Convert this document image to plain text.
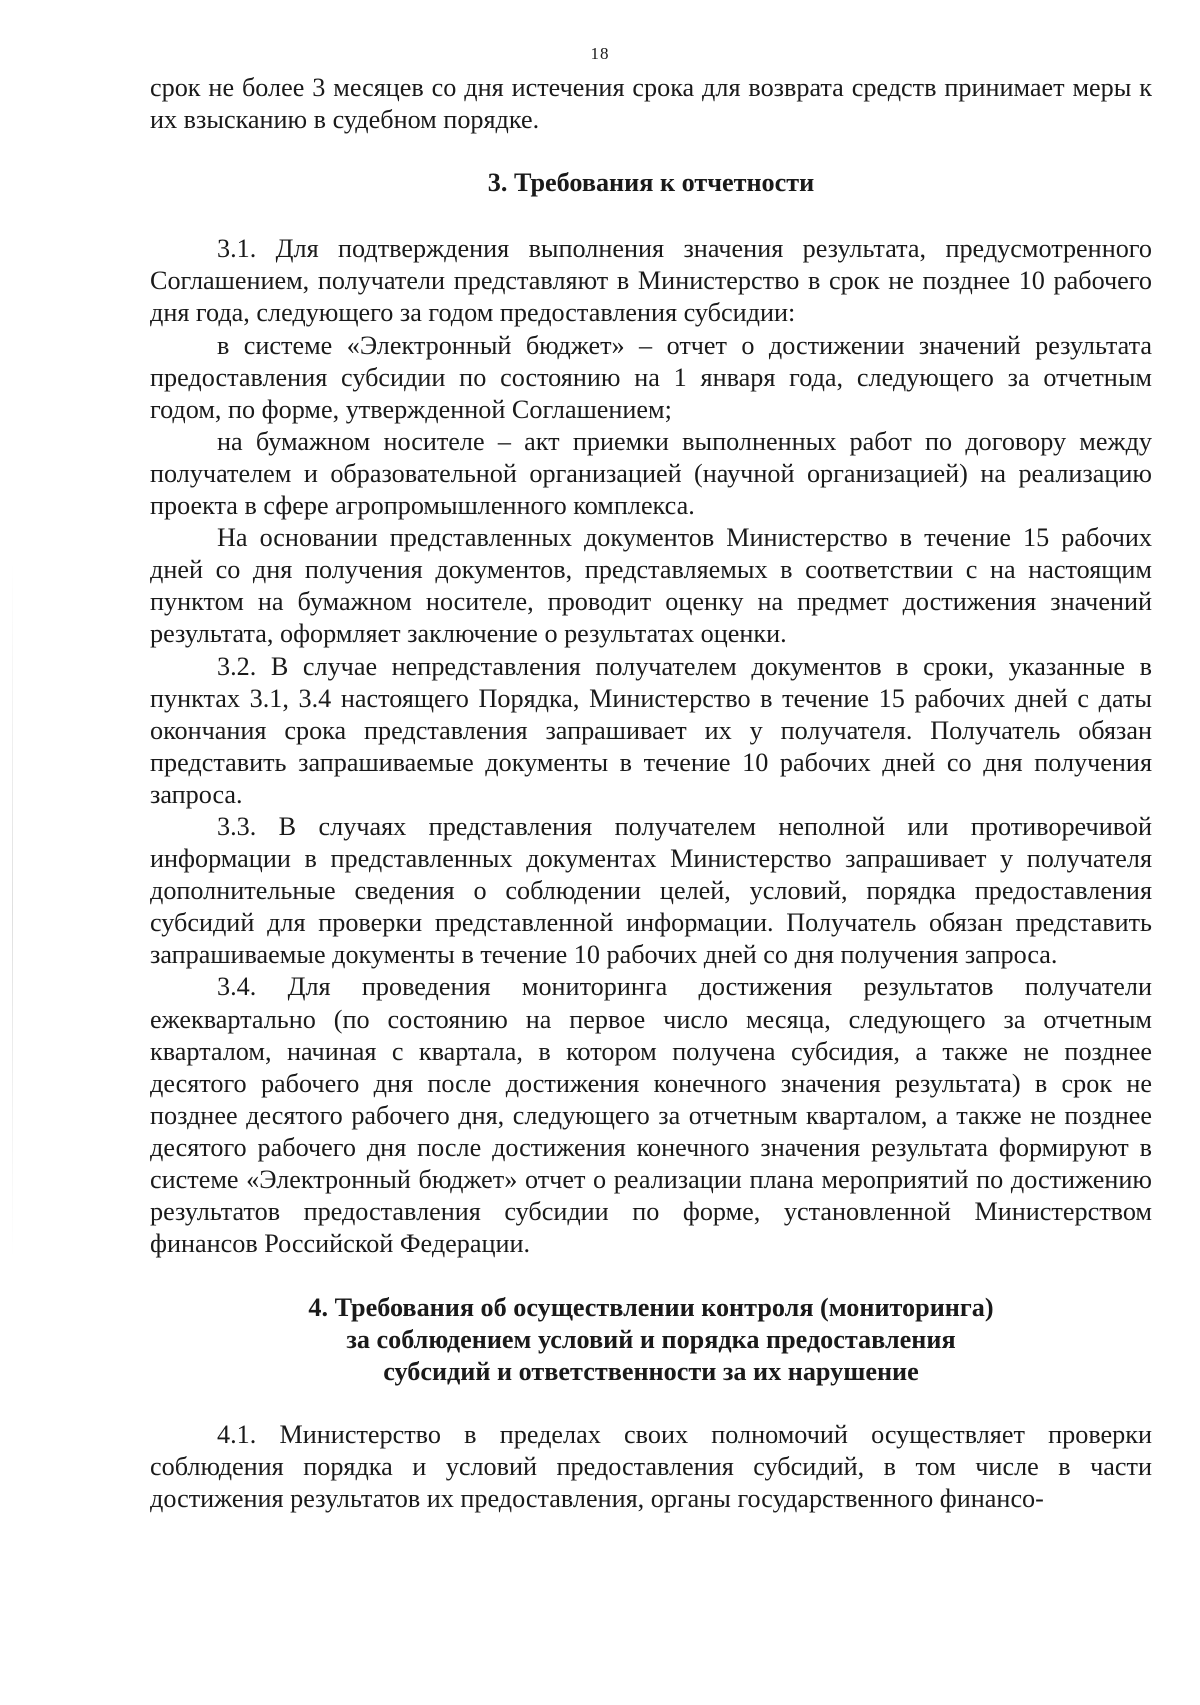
18

срок не более 3 месяцев со дня истечения срока для возврата средств принимает меры к их взысканию в судебном порядке.

3. Требования к отчетности

3.1. Для подтверждения выполнения значения результата, предусмотренного Соглашением, получатели представляют в Министерство в срок не позднее 10 рабочего дня года, следующего за годом предоставления субсидии:

в системе «Электронный бюджет» – отчет о достижении значений результата предоставления субсидии по состоянию на 1 января года, следующего за отчетным годом, по форме, утвержденной Соглашением;

на бумажном носителе – акт приемки выполненных работ по договору между получателем и образовательной организацией (научной организацией) на реализацию проекта в сфере агропромышленного комплекса.

На основании представленных документов Министерство в течение 15 рабочих дней со дня получения документов, представляемых в соответствии с на настоящим пунктом на бумажном носителе, проводит оценку на предмет достижения значений результата, оформляет заключение о результатах оценки.

3.2. В случае непредставления получателем документов в сроки, указанные в пунктах 3.1, 3.4 настоящего Порядка, Министерство в течение 15 рабочих дней с даты окончания срока представления запрашивает их у получателя. Получатель обязан представить запрашиваемые документы в течение 10 рабочих дней со дня получения запроса.

3.3. В случаях представления получателем неполной или противоречивой информации в представленных документах Министерство запрашивает у получателя дополнительные сведения о соблюдении целей, условий, порядка предоставления субсидий для проверки представленной информации. Получатель обязан представить запрашиваемые документы в течение 10 рабочих дней со дня получения запроса.

3.4. Для проведения мониторинга достижения результатов получатели ежеквартально (по состоянию на первое число месяца, следующего за отчетным кварталом, начиная с квартала, в котором получена субсидия, а также не позднее десятого рабочего дня после достижения конечного значения результата) в срок не позднее десятого рабочего дня, следующего за отчетным кварталом, а также не позднее десятого рабочего дня после достижения конечного значения результата формируют в системе «Электронный бюджет» отчет о реализации плана мероприятий по достижению результатов предоставления субсидии по форме, установленной Министерством финансов Российской Федерации.

4. Требования об осуществлении контроля (мониторинга)
за соблюдением условий и порядка предоставления
субсидий и ответственности за их нарушение

4.1. Министерство в пределах своих полномочий осуществляет проверки соблюдения порядка и условий предоставления субсидий, в том числе в части достижения результатов их предоставления, органы государственного финансо-
